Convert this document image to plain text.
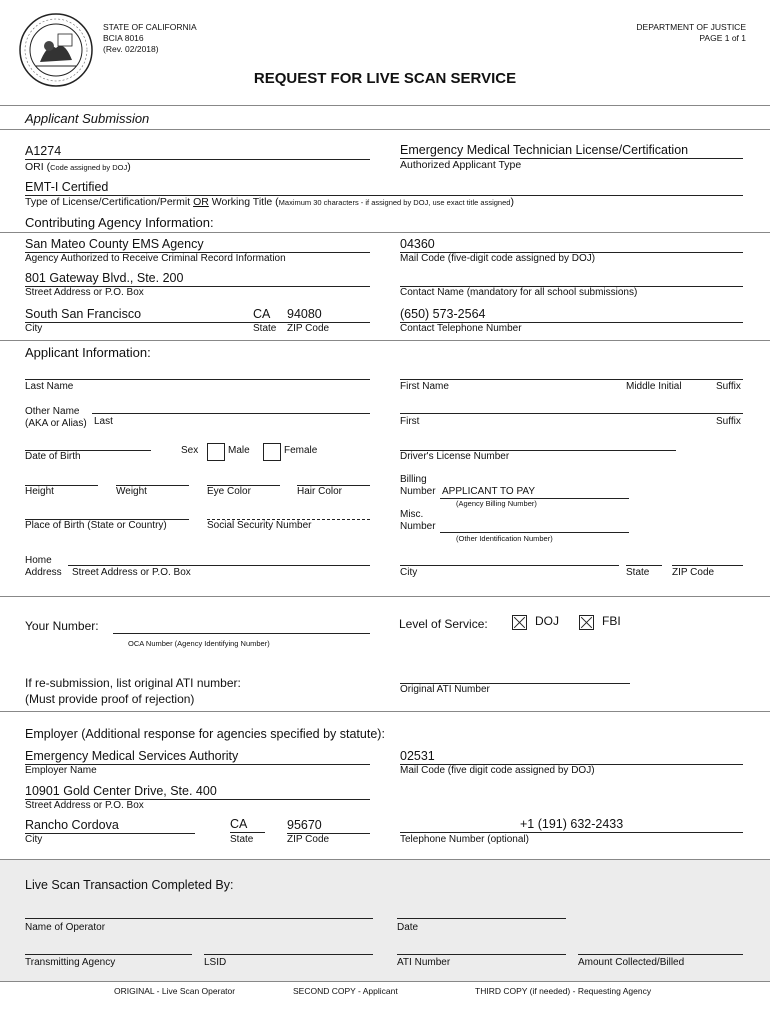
STATE OF CALIFORNIA
BCIA 8016
(Rev. 02/2018)
DEPARTMENT OF JUSTICE
PAGE 1 of 1
REQUEST FOR LIVE SCAN SERVICE
Applicant Submission
A1274
ORI (Code assigned by DOJ)
Emergency Medical Technician License/Certification
Authorized Applicant Type
EMT-I Certified
Type of License/Certification/Permit OR Working Title (Maximum 30 characters - if assigned by DOJ, use exact title assigned)
Contributing Agency Information:
San Mateo County EMS Agency
Agency Authorized to Receive Criminal Record Information
04360
Mail Code (five-digit code assigned by DOJ)
801 Gateway Blvd., Ste. 200
Street Address or P.O. Box	Contact Name (mandatory for all school submissions)
South San Francisco	CA 94080
City	State ZIP Code
(650) 573-2564
Contact Telephone Number
Applicant Information:
Last Name	First Name	Middle Initial	Suffix
Other Name
(AKA or Alias) Last	First	Suffix
Date of Birth
Sex	Male	Female
Driver's License Number
Height	Weight	Eye Color	Hair Color
Billing
Number APPLICANT TO PAY
(Agency Billing Number)
Place of Birth (State or Country)	Social Security Number
Misc.
Number
(Other Identification Number)
Home
Address Street Address or P.O. Box	City	State ZIP Code
Your Number:
OCA Number (Agency Identifying Number)
Level of Service:	DOJ	FBI
If re-submission, list original ATI number:
(Must provide proof of rejection)
Original ATI Number
Employer (Additional response for agencies specified by statute):
Emergency Medical Services Authority
Employer Name
02531
Mail Code (five digit code assigned by DOJ)
10901 Gold Center Drive, Ste. 400
Street Address or P.O. Box
Rancho Cordova
City
CA
State
95670
ZIP Code
+1 (191) 632-2433
Telephone Number (optional)
Live Scan Transaction Completed By:
Name of Operator	Date
Transmitting Agency	LSID	ATI Number	Amount Collected/Billed
ORIGINAL - Live Scan Operator	SECOND COPY - Applicant	THIRD COPY (if needed) - Requesting Agency
